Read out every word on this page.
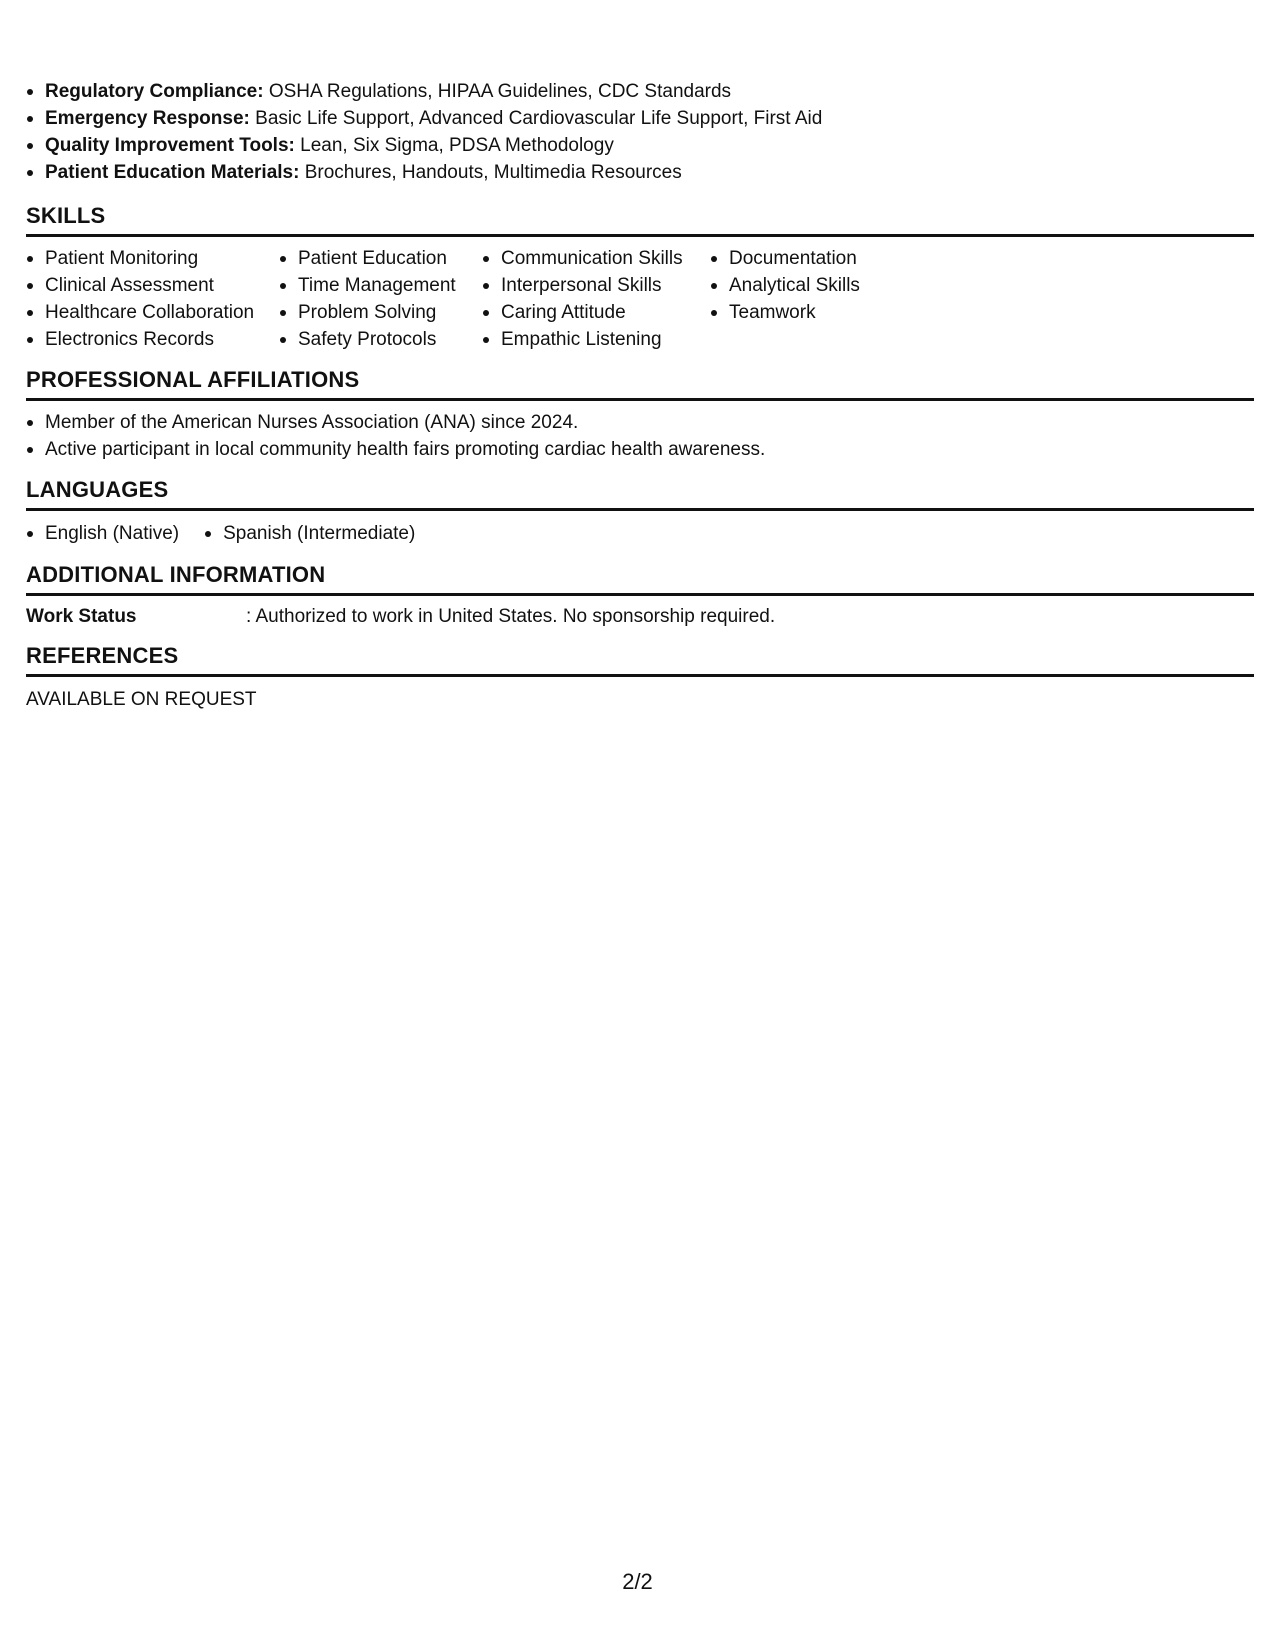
Regulatory Compliance: OSHA Regulations, HIPAA Guidelines, CDC Standards
Emergency Response: Basic Life Support, Advanced Cardiovascular Life Support, First Aid
Quality Improvement Tools: Lean, Six Sigma, PDSA Methodology
Patient Education Materials: Brochures, Handouts, Multimedia Resources
SKILLS
Patient Monitoring
Clinical Assessment
Healthcare Collaboration
Electronics Records
Patient Education
Time Management
Problem Solving
Safety Protocols
Communication Skills
Interpersonal Skills
Caring Attitude
Empathic Listening
Documentation
Analytical Skills
Teamwork
PROFESSIONAL AFFILIATIONS
Member of the American Nurses Association (ANA) since 2024.
Active participant in local community health fairs promoting cardiac health awareness.
LANGUAGES
English (Native)	Spanish (Intermediate)
ADDITIONAL INFORMATION
Work Status	: Authorized to work in United States. No sponsorship required.
REFERENCES
AVAILABLE ON REQUEST
2/2
